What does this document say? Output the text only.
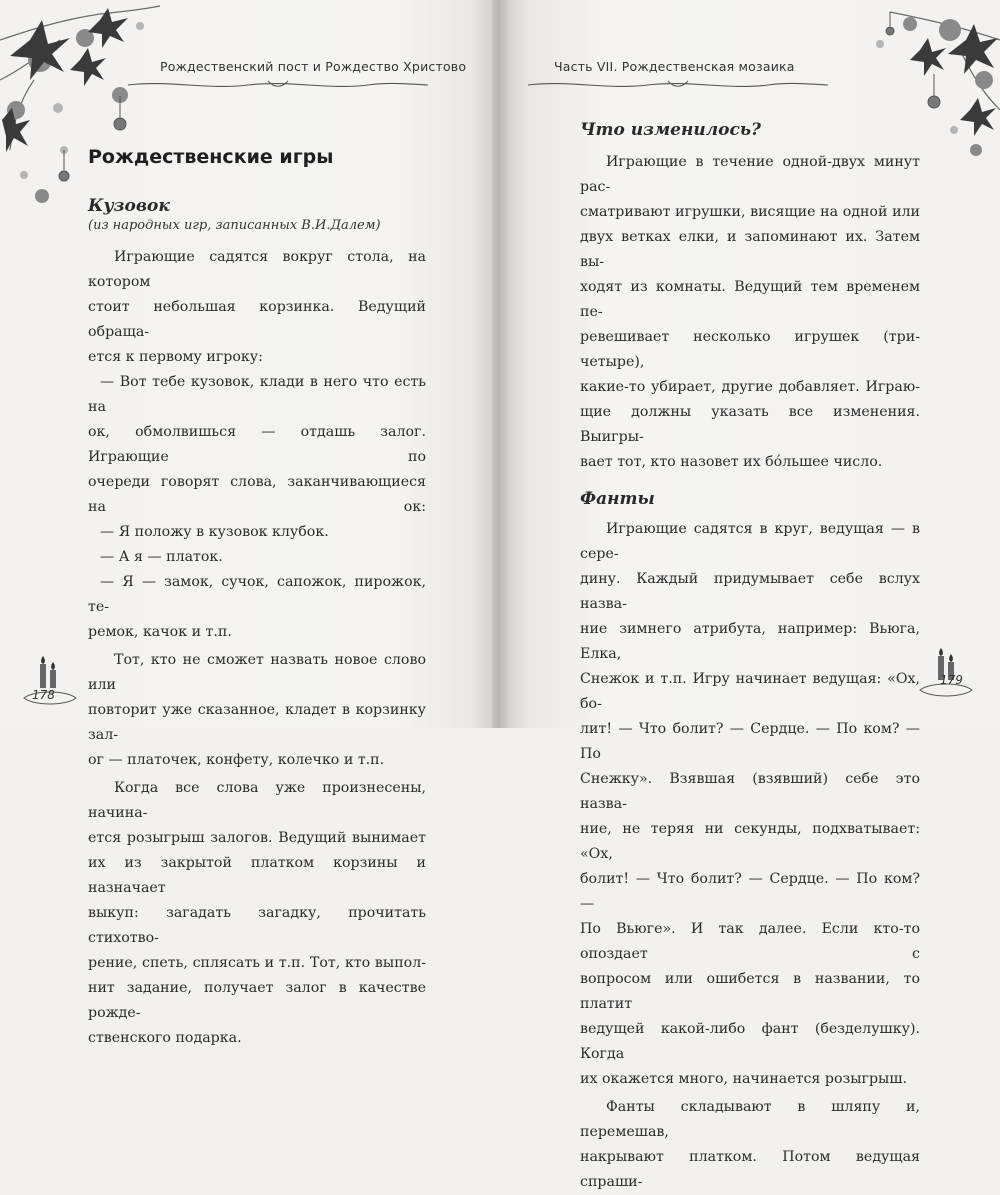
Рождественский пост и Рождество Христово
Рождественские игры
Кузовок
(из народных игр, записанных В.И.Далем)
Играющие садятся вокруг стола, на котором
стоит небольшая корзинка. Ведущий обраща-
ется к первому игроку:
— Вот тебе кузовок, клади в него что есть на
ок, обмолвишься — отдашь залог. Играющие по
очереди говорят слова, заканчивающиеся на ок:
— Я положу в кузовок клубок.
— А я — платок.
— Я — замок, сучок, сапожок, пирожок, те-
ремок, качок и т.п.
Тот, кто не сможет назвать новое слово или
повторит уже сказанное, кладет в корзинку зал-
ог — платочек, конфету, колечко и т.п.
Когда все слова уже произнесены, начина-
ется розыгрыш залогов. Ведущий вынимает
их из закрытой платком корзины и назначает
выкуп: загадать загадку, прочитать стихотво-
рение, спеть, сплясать и т.п. Тот, кто выпол-
нит задание, получает залог в качестве рожде-
ственского подарка.
178
Часть VII. Рождественская мозаика
Что изменилось?
Играющие в течение одной-двух минут рас-
сматривают игрушки, висящие на одной или
двух ветках елки, и запоминают их. Затем вы-
ходят из комнаты. Ведущий тем временем пе-
ревешивает несколько игрушек (три-четыре),
какие-то убирает, другие добавляет. Играю-
щие должны указать все изменения. Выигры-
вает тот, кто назовет их бóльшее число.
Фанты
Играющие садятся в круг, ведущая — в сере-
дину. Каждый придумывает себе вслух назва-
ние зимнего атрибута, например: Вьюга, Елка,
Снежок и т.п. Игру начинает ведущая: «Ох, бо-
лит! — Что болит? — Сердце. — По ком? — По
Снежку». Взявшая (взявший) себе это назва-
ние, не теряя ни секунды, подхватывает: «Ох,
болит! — Что болит? — Сердце. — По ком? —
По Вьюге». И так далее. Если кто-то опоздает с
вопросом или ошибется в названии, то платит
ведущей какой-либо фант (безделушку). Когда
их окажется много, начинается розыгрыш.
Фанты складывают в шляпу и, перемешав,
накрывают платком. Потом ведущая спраши-
179
